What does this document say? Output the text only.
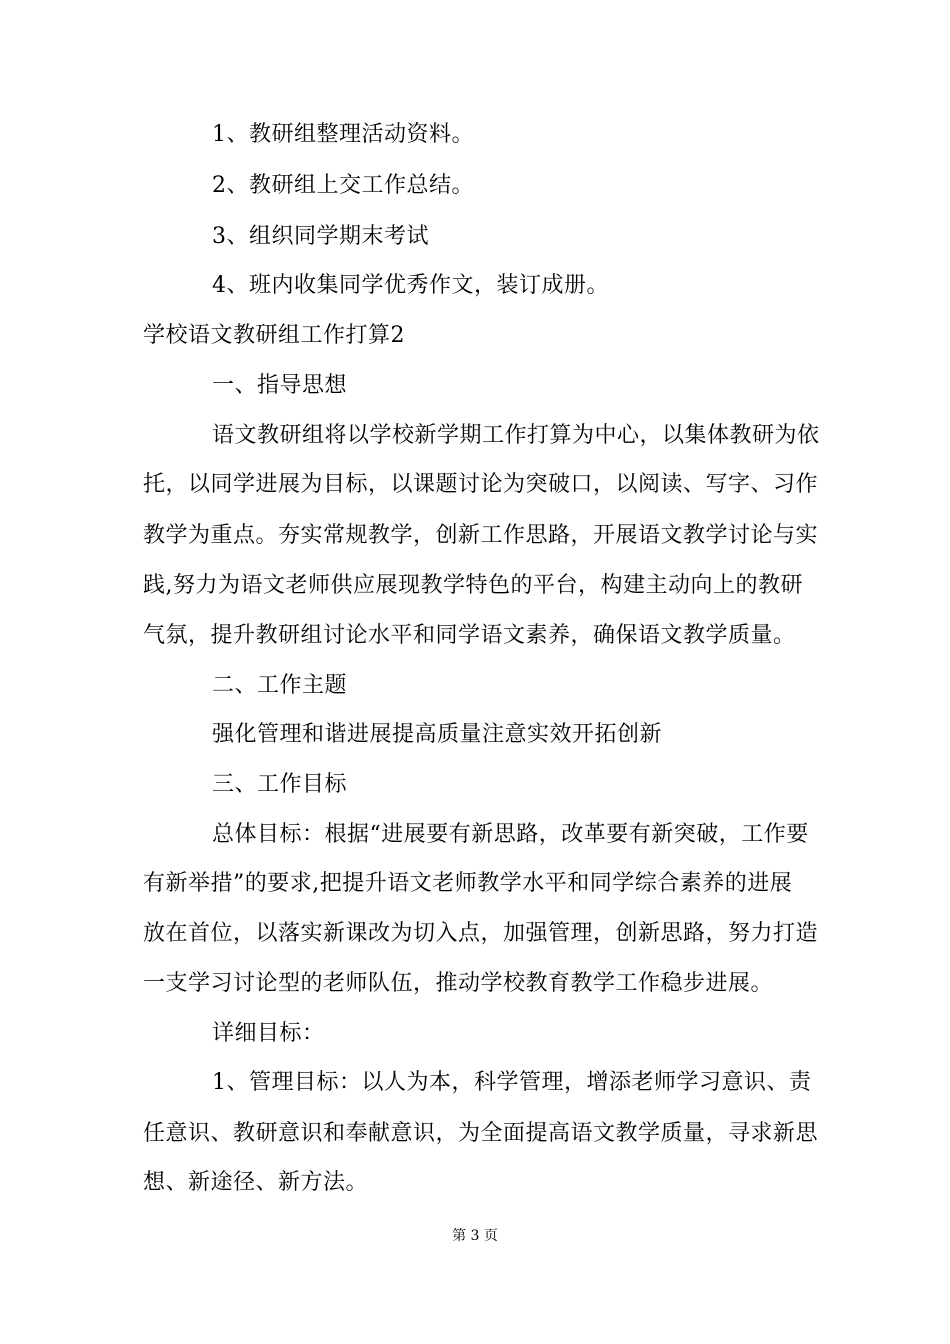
1、教研组整理活动资料。
2、教研组上交工作总结。
3、组织同学期末考试
4、班内收集同学优秀作文，装订成册。
学校语文教研组工作打算2
一、指导思想
语文教研组将以学校新学期工作打算为中心，以集体教研为依
托，以同学进展为目标，以课题讨论为突破口，以阅读、写字、习作
教学为重点。夯实常规教学，创新工作思路，开展语文教学讨论与实
践,努力为语文老师供应展现教学特色的平台，构建主动向上的教研
气氛，提升教研组讨论水平和同学语文素养，确保语文教学质量。
二、工作主题
强化管理和谐进展提高质量注意实效开拓创新
三、工作目标
总体目标：根据“进展要有新思路，改革要有新突破，工作要
有新举措”的要求,把提升语文老师教学水平和同学综合素养的进展
放在首位，以落实新课改为切入点，加强管理，创新思路，努力打造
一支学习讨论型的老师队伍，推动学校教育教学工作稳步进展。
详细目标：
1、管理目标：以人为本，科学管理，增添老师学习意识、责
任意识、教研意识和奉献意识，为全面提高语文教学质量，寻求新思
想、新途径、新方法。
第 3 页
